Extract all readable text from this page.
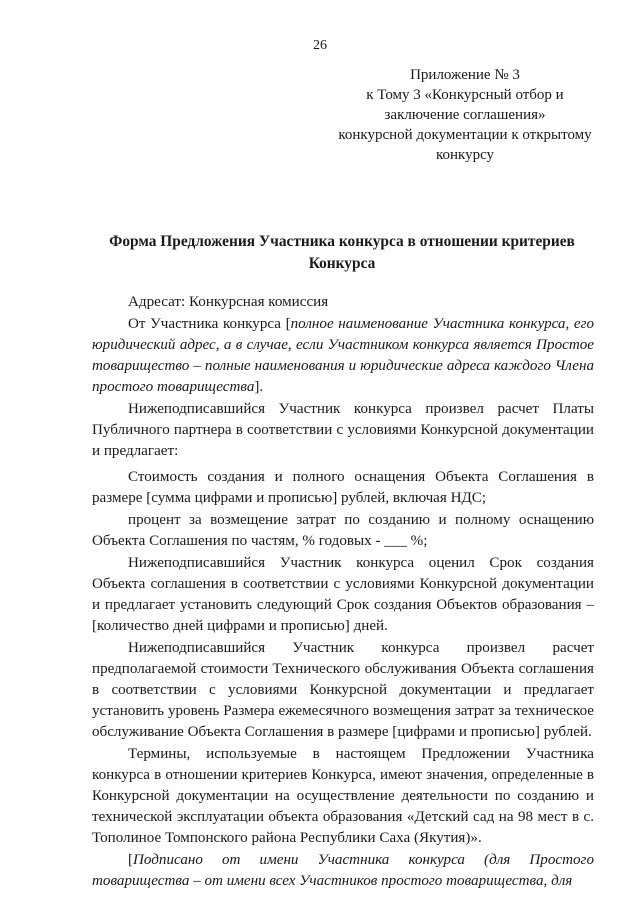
26
Приложение № 3
к Тому 3 «Конкурсный отбор и
заключение соглашения»
конкурсной документации к открытому
конкурсу
Форма Предложения Участника конкурса в отношении критериев
Конкурса

Адресат: Конкурсная комиссия

От Участника конкурса [полное наименование Участника конкурса, его юридический адрес, а в случае, если Участником конкурса является Простое товарищество – полные наименования и юридические адреса каждого Члена простого товарищества].

Нижеподписавшийся Участник конкурса произвел расчет Платы Публичного партнера в соответствии с условиями Конкурсной документации и предлагает:

Стоимость создания и полного оснащения Объекта Соглашения в размере [сумма цифрами и прописью] рублей, включая НДС;

процент за возмещение затрат по созданию и полному оснащению Объекта Соглашения по частям, % годовых - ___ %;

Нижеподписавшийся Участник конкурса оценил Срок создания Объекта соглашения в соответствии с условиями Конкурсной документации и предлагает установить следующий Срок создания Объектов образования – [количество дней цифрами и прописью] дней.

Нижеподписавшийся Участник конкурса произвел расчет предполагаемой стоимости Технического обслуживания Объекта соглашения в соответствии с условиями Конкурсной документации и предлагает установить уровень Размера ежемесячного возмещения затрат за техническое обслуживание Объекта Соглашения в размере [цифрами и прописью] рублей.

Термины, используемые в настоящем Предложении Участника конкурса в отношении критериев Конкурса, имеют значения, определенные в Конкурсной документации на осуществление деятельности по созданию и технической эксплуатации объекта образования «Детский сад на 98 мест в с. Тополиное Томпонского района Республики Саха (Якутия)».

[Подписано от имени Участника конкурса (для Простого товарищества – от имени всех Участников простого товарищества, для
